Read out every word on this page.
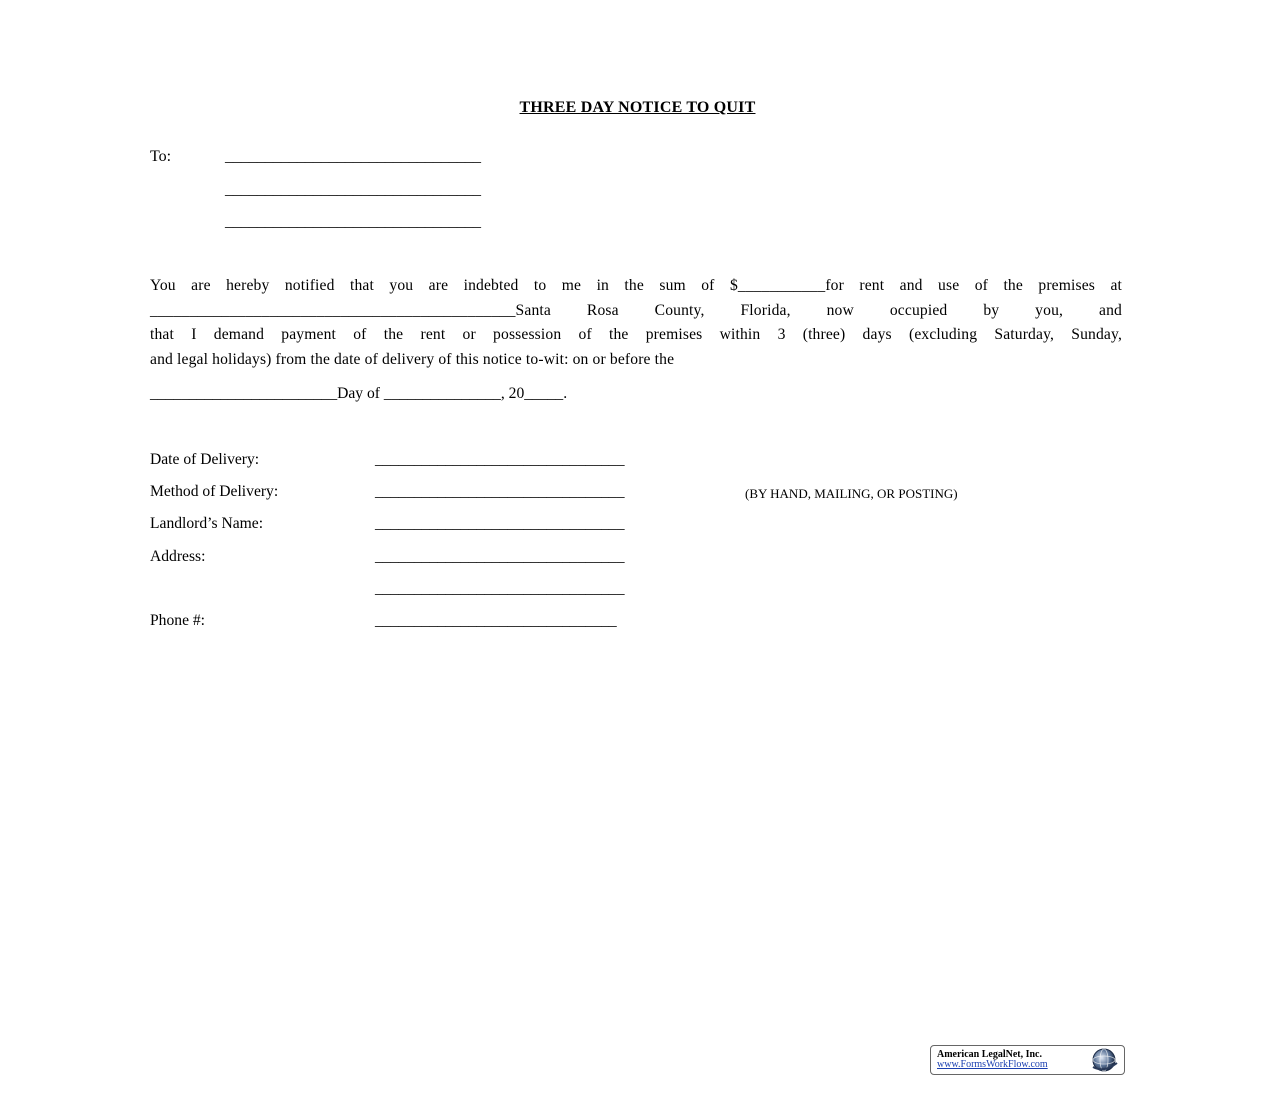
THREE DAY NOTICE TO QUIT
To:	________________________________
________________________________
________________________________
You are hereby notified that you are indebted to me in the sum of $___________for rent and use of the premises at
______________________________________________Santa Rosa County, Florida, now occupied by you, and
that I demand payment of the rent or possession of the premises within 3 (three) days (excluding Saturday, Sunday,
and legal holidays) from the date of delivery of this notice to-wit: on or before the
________________________Day of _______________, 20_____.
Date of Delivery:	________________________________
Method of Delivery:	________________________________	(BY HAND, MAILING, OR POSTING)
Landlord’s Name:	________________________________
Address:	________________________________
________________________________
Phone #:	_______________________________
American LegalNet, Inc.
www.FormsWorkFlow.com
